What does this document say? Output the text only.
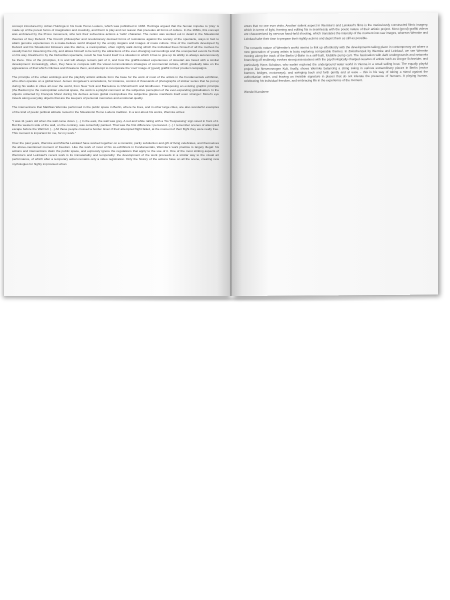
concept introduced by Johan Huizinga in his book Homo Ludens, which was published in 1938. Huizinga argued that the human impulse to 'play' is made up of the purest forms of imagination and creativity, and that it is play and not reason that precedes all forms of culture. In the 1960s, this concept was embraced by the Provo movement, who lent their subversive actions a 'ludic' character. The notion was worked out in detail in the Situationist theories of Guy Debord. The French philosopher and revolutionary devised forms of resistance against the society of the spectacle, wayo in fact to attain genuine experiences in a make-believe world shaped by the empty slogans and images of mass culture. One of the methods developed by Debord and his Situationist followers was the dérive, a metropolitan, often nightly walk during which the individual frees himself of all the motives he usually has for traversing the city, and allows himself to be led by the attractions of the ever-changing surroundings and the unexpected events he finds on his way. Realized in by the Debordian spectacle, result he has found itself in a situation in which it has to give up its ability to always autonomously be there. One of the principles, it is and will always remain part of it, and how the graffiti-related experiences of streetart are faced with a similar development: increasingly, often, they have to compete with the visual communication strategies of commercial culture, which gradually take on the appearance of that which criticises and threatens them, and attempt to incorporate the 'cool' image of (good) graffiti in their product campaigns.

The principle of the urban ambilogs and the playfully artistic attitude form the base for the work of most of the artists in the Fundamentals exhibition, who often operate on a global level. Jeroen Jongeleen's annotations, for instance, consist of thousands of photographs of sticker series that he put up during his walks in cities all over the world, from New York and Barcelona to Christchurch and Eindhoven. Transposing an existing graphic principle (the Badcom) to the metropolitan external space, the work is a playful comment on the subjective perception of the ever-expanding globalisation. In the objects collected by François Morel during his derives across global metropolises the subjective glance manifests itself even stronger: Morel's eye travels along everyday objects that are the keepers of personal memories and emotional quality.

The interventions that Matthias Wermke performed in the public space in Berlin, where he lives, and in other large cities, are also wonderful examples of the kind of poetic political attitude rooted in the Situationist Homo Ludens tradition. In a text about his works, Wermke writes:

"I was 11 years old when the wall came down. (...) In the east, the wall was grey. A red and white railing with a 'No Trespassing' sign stood in front of it. But the western side of the wall, on the contrary, was colourfully painted. That was the first difference I perceived. (...) I remember scenes of attempted escape before the Wall fell. (...) All these people crossed a border. Even if their attempted flight failed, at the moment of their flight they were really free. This moment is important for me, for my work."

Over the past years, Wermke and Mischa Leinkauf have worked together on a romantic, partly subduction and gift of living celebrates, and themselves the above-mentioned moment of freedom. Like the work of most of his co-exhibitors in Fundamentals, Wermke's work practice is largely illegal: his actions and interventions claim the public space, and expressly ignore the regulations that apply to the use of it. One of the most striking aspects of Wermke's and Leinkauf's recent work is its immateriality and temporality: the development of the work proceeds in a similar way to the visual art performance, of which after a temporary action remains only a video registration. Only the history of the actions have on all the scene, creating new mythologies for highly improvised urban

areas that no one ever visits. Another salient aspect in Wermke's and Leinkauf's films is the meticulously constructed filmic imagery, which in terms of light, framing and editing fits in seamlessly with the poetic nature of their artistic project. Most (good) graffiti videos are characterized by nervous hand-held shooting, which translates the intensity of the moment into raw images, whereas Wermke and Leinkauf take their time to prepare their nightly actions and depict them as still as possible.

The romantic nature of Wermke's works seems to link up effortlessly with the developments taking place in contemporary art where a new generation of young artists is busy exploring comparable themes. In Zwischenzeit by Wermke and Leinkauf, we see Wermke moving along the track of the Berlin U-Bahn in a self-built, foldable pump cart. The fascination with dark undergrounds and networks branching off endlessly, evokes strong associations with the psychologically charged oeuvres of artists such as Gregor Schneider, and particularly Hans Schabus, who earlier explored the underground water world in Vienna in a small sailing boat. The equally playful project Die Nervensengen Kult, finally, shows Wermke balancing a string swing in various extraordinary places in Berlin (motor barrens, bridges, motorways), and swinging back and forth gently and at ease – this is his way of taking a stand against the authoritarian order, and leaving an invisible signature in places that do not tolerate the presence of humans. A playing human, celebrating his individual freedom, and embracing life in the experience of the moment.

Wendel Kandaere
